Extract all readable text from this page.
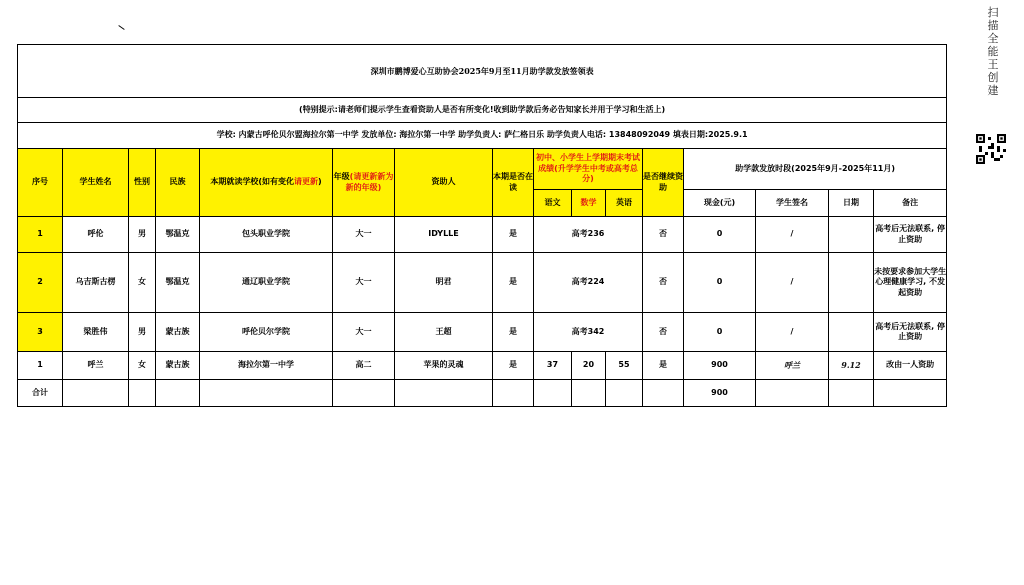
深圳市鹏博爱心互助协会2025年9月至11月助学款发放签领表															
(特别提示:请老师们提示学生查看资助人是否有所变化!收到助学款后务必告知家长并用于学习和生活上)															
学校: 内蒙古呼伦贝尔盟海拉尔第一中学 发放单位: 海拉尔第一中学 助学负责人: 萨仁格日乐 助学负责人电话: 13848092049 填表日期:2025.9.1															
序号	学生姓名	性别	民族	本期就读学校(如有变化请更新)	年级(请更新新为新的年级)	资助人	本期是否在读	初中、小学生上学期期末考试成绩(升学学生中考或高考总分)			是否继续资助	助学款发放时段(2025年9月-2025年11月)			
								语文	数学	英语		现金(元)	学生签名	日期	备注
1	呼伦	男	鄂温克	包头职业学院	大一	IDYLLE	是	高考236			否	0	/		高考后无法联系, 停止资助
2	乌吉斯古楞	女	鄂温克	通辽职业学院	大一	明君	是	高考224			否	0	/		未按要求参加大学生心理健康学习, 不发起资助
3	梁胜伟	男	蒙古族	呼伦贝尔学院	大一	王超	是	高考342			否	0	/		高考后无法联系, 停止资助
1	呼兰	女	蒙古族	海拉尔第一中学	高二	苹果的灵魂	是	37	20	55	是	900	呼兰	9.12	改由一人资助
合计												900			
扫描全能王 创建
